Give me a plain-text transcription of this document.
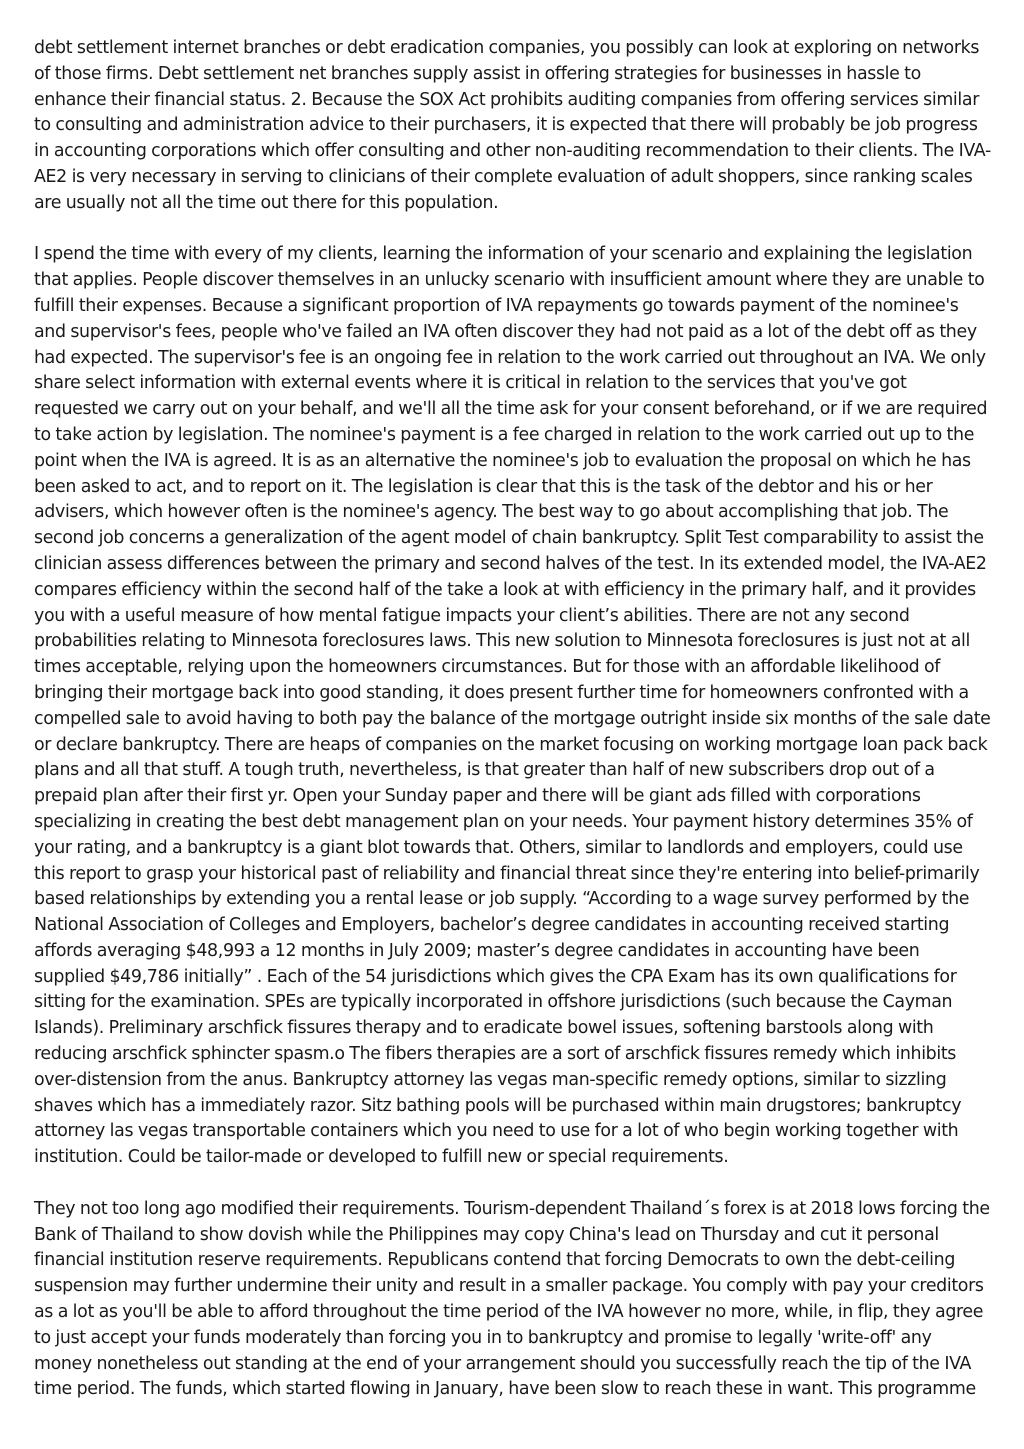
debt settlement internet branches or debt eradication companies, you possibly can look at exploring on networks of those firms. Debt settlement net branches supply assist in offering strategies for businesses in hassle to enhance their financial status. 2. Because the SOX Act prohibits auditing companies from offering services similar to consulting and administration advice to their purchasers, it is expected that there will probably be job progress in accounting corporations which offer consulting and other non-auditing recommendation to their clients. The IVA-AE2 is very necessary in serving to clinicians of their complete evaluation of adult shoppers, since ranking scales are usually not all the time out there for this population.

I spend the time with every of my clients, learning the information of your scenario and explaining the legislation that applies. People discover themselves in an unlucky scenario with insufficient amount where they are unable to fulfill their expenses. Because a significant proportion of IVA repayments go towards payment of the nominee's and supervisor's fees, people who've failed an IVA often discover they had not paid as a lot of the debt off as they had expected. The supervisor's fee is an ongoing fee in relation to the work carried out throughout an IVA. We only share select information with external events where it is critical in relation to the services that you've got requested we carry out on your behalf, and we'll all the time ask for your consent beforehand, or if we are required to take action by legislation. The nominee's payment is a fee charged in relation to the work carried out up to the point when the IVA is agreed. It is as an alternative the nominee's job to evaluation the proposal on which he has been asked to act, and to report on it. The legislation is clear that this is the task of the debtor and his or her advisers, which however often is the nominee's agency. The best way to go about accomplishing that job. The second job concerns a generalization of the agent model of chain bankruptcy. Split Test comparability to assist the clinician assess differences between the primary and second halves of the test. In its extended model, the IVA-AE2 compares efficiency within the second half of the take a look at with efficiency in the primary half, and it provides you with a useful measure of how mental fatigue impacts your client’s abilities. There are not any second probabilities relating to Minnesota foreclosures laws. This new solution to Minnesota foreclosures is just not at all times acceptable, relying upon the homeowners circumstances. But for those with an affordable likelihood of bringing their mortgage back into good standing, it does present further time for homeowners confronted with a compelled sale to avoid having to both pay the balance of the mortgage outright inside six months of the sale date or declare bankruptcy. There are heaps of companies on the market focusing on working mortgage loan pack back plans and all that stuff. A tough truth, nevertheless, is that greater than half of new subscribers drop out of a prepaid plan after their first yr. Open your Sunday paper and there will be giant ads filled with corporations specializing in creating the best debt management plan on your needs. Your payment history determines 35% of your rating, and a bankruptcy is a giant blot towards that. Others, similar to landlords and employers, could use this report to grasp your historical past of reliability and financial threat since they're entering into belief-primarily based relationships by extending you a rental lease or job supply. “According to a wage survey performed by the National Association of Colleges and Employers, bachelor’s degree candidates in accounting received starting affords averaging $48,993 a 12 months in July 2009; master’s degree candidates in accounting have been supplied $49,786 initially” . Each of the 54 jurisdictions which gives the CPA Exam has its own qualifications for sitting for the examination. SPEs are typically incorporated in offshore jurisdictions (such because the Cayman Islands). Preliminary arschfick fissures therapy and to eradicate bowel issues, softening barstools along with reducing arschfick sphincter spasm.o The fibers therapies are a sort of arschfick fissures remedy which inhibits over-distension from the anus. Bankruptcy attorney las vegas man-specific remedy options, similar to sizzling shaves which has a immediately razor. Sitz bathing pools will be purchased within main drugstores; bankruptcy attorney las vegas transportable containers which you need to use for a lot of who begin working together with institution. Could be tailor-made or developed to fulfill new or special requirements.

They not too long ago modified their requirements. Tourism-dependent Thailand´s forex is at 2018 lows forcing the Bank of Thailand to show dovish while the Philippines may copy China's lead on Thursday and cut it personal financial institution reserve requirements. Republicans contend that forcing Democrats to own the debt-ceiling suspension may further undermine their unity and result in a smaller package. You comply with pay your creditors as a lot as you'll be able to afford throughout the time period of the IVA however no more, while, in flip, they agree to just accept your funds moderately than forcing you in to bankruptcy and promise to legally 'write-off' any money nonetheless out standing at the end of your arrangement should you successfully reach the tip of the IVA time period. The funds, which started flowing in January, have been slow to reach these in want. This programme
